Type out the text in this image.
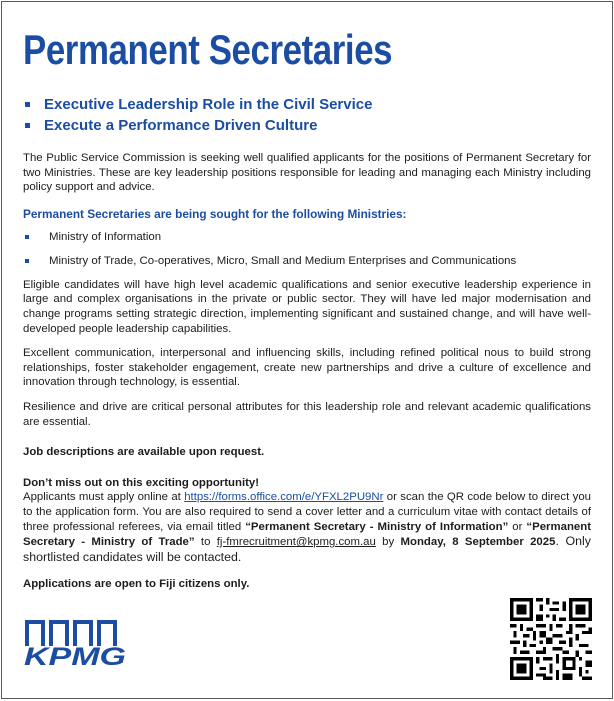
Permanent Secretaries
Executive Leadership Role in the Civil Service
Execute a Performance Driven Culture

The Public Service Commission is seeking well qualified applicants for the positions of Permanent Secretary for two Ministries. These are key leadership positions responsible for leading and managing each Ministry including policy support and advice.

Permanent Secretaries are being sought for the following Ministries:
Ministry of Information
Ministry of Trade, Co-operatives, Micro, Small and Medium Enterprises and Communications

Eligible candidates will have high level academic qualifications and senior executive leadership experience in large and complex organisations in the private or public sector. They will have led major modernisation and change programs setting strategic direction, implementing significant and sustained change, and will have well-developed people leadership capabilities.

Excellent communication, interpersonal and influencing skills, including refined political nous to build strong relationships, foster stakeholder engagement, create new partnerships and drive a culture of excellence and innovation through technology, is essential.

Resilience and drive are critical personal attributes for this leadership role and relevant academic qualifications are essential.

Job descriptions are available upon request.

Don’t miss out on this exciting opportunity!

Applicants must apply online at https://forms.office.com/e/YFXL2PU9Nr or scan the QR code below to direct you to the application form. You are also required to send a cover letter and a curriculum vitae with contact details of three professional referees, via email titled “Permanent Secretary - Ministry of Information” or “Permanent Secretary - Ministry of Trade” to fj-fmrecruitment@kpmg.com.au by Monday, 8 September 2025. Only shortlisted candidates will be contacted.

Applications are open to Fiji citizens only.

KPMG
